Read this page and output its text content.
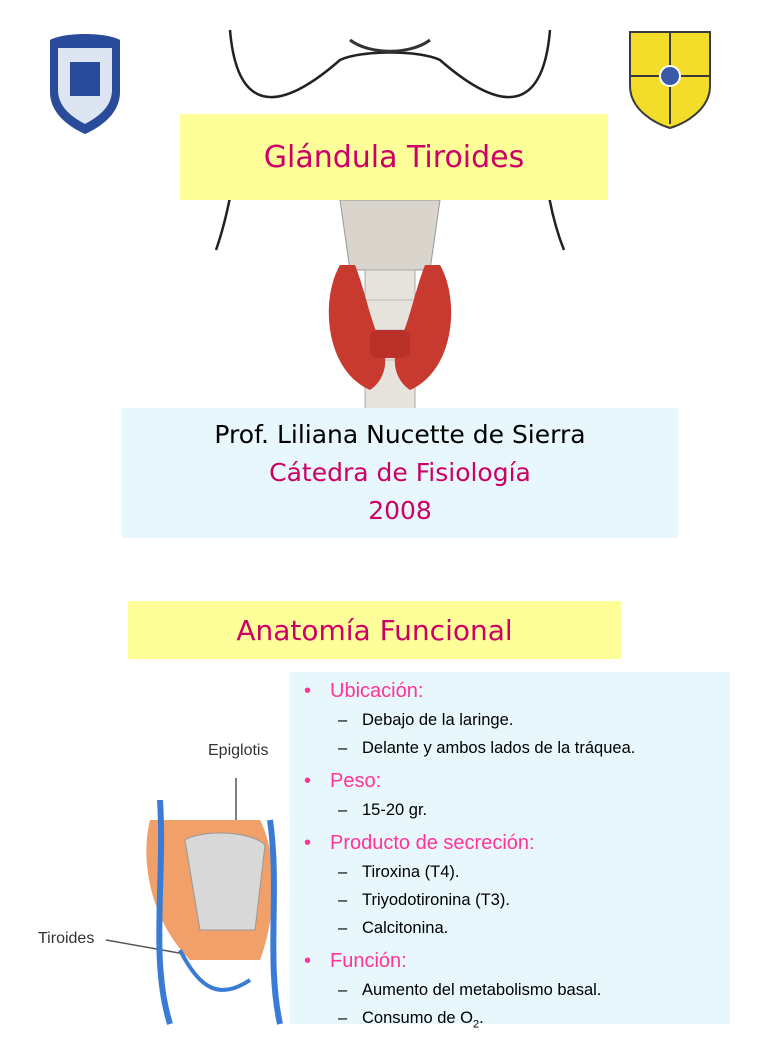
Glándula Tiroides
Prof. Liliana Nucette de Sierra
Cátedra de Fisiología
2008
Anatomía Funcional
Epiglotis
Tiroides
• Ubicación:
– Debajo de la laringe.
– Delante y ambos lados de la tráquea.
• Peso:
– 15-20 gr.
• Producto de secreción:
– Tiroxina (T4).
– Triyodotironina (T3).
– Calcitonina.
• Función:
– Aumento del metabolismo basal.
– Consumo de $O_2$.
